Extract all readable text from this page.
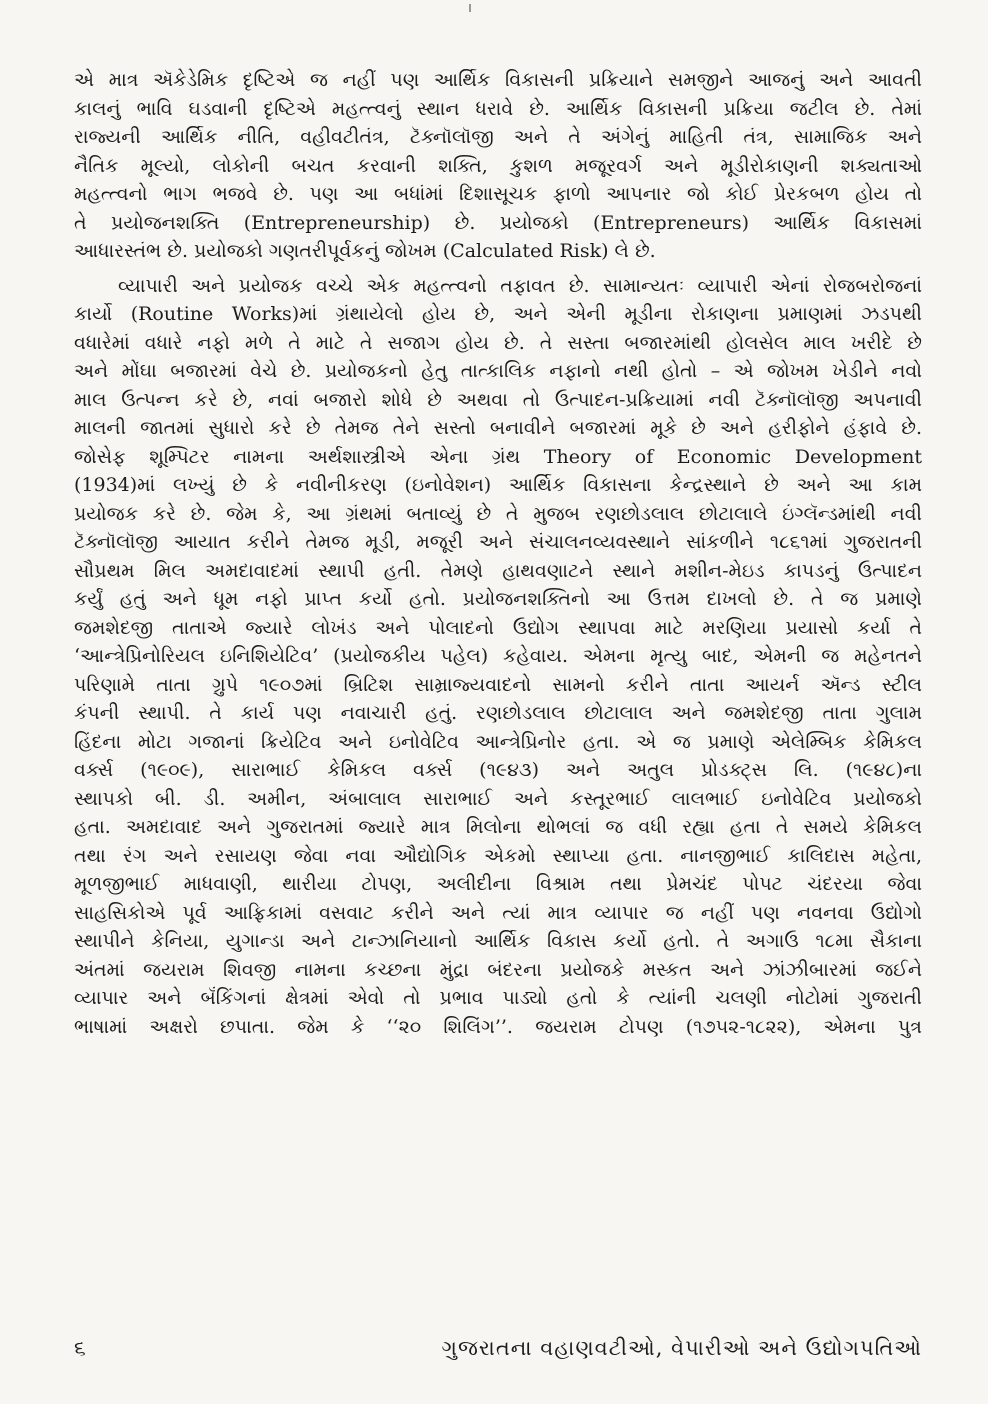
એ માત્ર ઍકેડેમિક દૃષ્ટિએ જ નહીં પણ આર્થિક વિકાસની પ્રક્રિયાને સમજીને આજનું અને આવતી
કાલનું ભાવિ ઘડવાની દૃષ્ટિએ મહત્ત્વનું સ્થાન ધરાવે છે. આર્થિક વિકાસની પ્રક્રિયા જટીલ છે. તેમાં
રાજ્યની આર્થિક નીતિ, વહીવટીતંત્ર, ટૅક્નૉલૉજી અને તે અંગેનું માહિતી તંત્ર, સામાજિક અને
નૈતિક મૂલ્યો, લોકોની બચત કરવાની શક્તિ, કુશળ મજૂરવર્ગ અને મૂડીરોકાણની શક્યતાઓ
મહત્ત્વનો ભાગ ભજવે છે. પણ આ બધાંમાં દિશાસૂચક ફાળો આપનાર જો કોઈ પ્રેરકબળ હોય તો
તે પ્રયોજનશક્તિ (Entrepreneurship) છે. પ્રયોજકો (Entrepreneurs) આર્થિક વિકાસમાં
આધારસ્તંભ છે. પ્રયોજકો ગણતરીપૂર્વકનું જોખમ (Calculated Risk) લે છે.
વ્યાપારી અને પ્રયોજક વચ્ચે એક મહત્ત્વનો તફાવત છે. સામાન્યતઃ વ્યાપારી એનાં રોજબરોજનાં
કાર્યો (Routine Works)માં ગ્રંથાયેલો હોય છે, અને એની મૂડીના રોકાણના પ્રમાણમાં ઝડપથી
વધારેમાં વધારે નફો મળે તે માટે તે સજાગ હોય છે. તે સસ્તા બજારમાંથી હોલસેલ માલ ખરીદે છે
અને મોંઘા બજારમાં વેચે છે. પ્રયોજકનો હેતુ તાત્કાલિક નફાનો નથી હોતો – એ જોખમ ખેડીને નવો
માલ ઉત્પન્ન કરે છે, નવાં બજારો શોધે છે અથવા તો ઉત્પાદન-પ્રક્રિયામાં નવી ટૅક્નૉલૉજી અપનાવી
માલની જાતમાં સુધારો કરે છે તેમજ તેને સસ્તો બનાવીને બજારમાં મૂકે છે અને હરીફોને હંફાવે છે.
જોસેફ શૂમ્પિટર નામના અર્થશાસ્ત્રીએ એના ગ્રંથ Theory of Economic Development
(1934)માં લખ્યું છે કે નવીનીકરણ (ઇનોવેશન) આર્થિક વિકાસના કેન્દ્રસ્થાને છે અને આ કામ
પ્રયોજક કરે છે. જેમ કે, આ ગ્રંથમાં બતાવ્યું છે તે મુજબ રણછોડલાલ છોટાલાલે ઇંગ્લૅન્ડમાંથી નવી
ટૅક્નૉલૉજી આયાત કરીને તેમજ મૂડી, મજૂરી અને સંચાલનવ્યવસ્થાને સાંકળીને ૧૮૬૧માં ગુજરાતની
સૌપ્રથમ મિલ અમદાવાદમાં સ્થાપી હતી. તેમણે હાથવણાટને સ્થાને મશીન-મેઇડ કાપડનું ઉત્પાદન
કર્યું હતું અને ધૂમ નફો પ્રાપ્ત કર્યો હતો. પ્રયોજનશક્તિનો આ ઉત્તમ દાખલો છે. તે જ પ્રમાણે
જમશેદજી તાતાએ જ્યારે લોખંડ અને પોલાદનો ઉદ્યોગ સ્થાપવા માટે મરણિયા પ્રયાસો કર્યા તે
‘આન્ત્રેપ્રિનોરિયલ ઇનિશિયેટિવ’ (પ્રયોજકીય પહેલ) કહેવાય. એમના મૃત્યુ બાદ, એમની જ મહેનતને
પરિણામે તાતા ગ્રુપે ૧૯૦૭માં બ્રિટિશ સામ્રાજ્યવાદનો સામનો કરીને તાતા આયર્ન ઍન્ડ સ્ટીલ
કંપની સ્થાપી. તે કાર્ય પણ નવાચારી હતું. રણછોડલાલ છોટાલાલ અને જમશેદજી તાતા ગુલામ
હિંદના મોટા ગજાનાં ક્રિયેટિવ અને ઇનોવેટિવ આન્ત્રેપ્રિનોર હતા. એ જ પ્રમાણે એલેમ્બિક કેમિકલ
વર્ક્સ (૧૯૦૯), સારાભાઈ કેમિકલ વર્ક્સ (૧૯૪૩) અને અતુલ પ્રોડક્ટ્સ લિ. (૧૯૪૮)ના
સ્થાપકો બી. ડી. અમીન, અંબાલાલ સારાભાઈ અને કસ્તૂરભાઈ લાલભાઈ ઇનોવેટિવ પ્રયોજકો
હતા. અમદાવાદ અને ગુજરાતમાં જ્યારે માત્ર મિલોના થોભલાં જ વધી રહ્યા હતા તે સમયે કેમિકલ
તથા રંગ અને રસાયણ જેવા નવા ઔદ્યોગિક એકમો સ્થાપ્યા હતા. નાનજીભાઈ કાલિદાસ મહેતા,
મૂળજીભાઈ માધવાણી, થારીયા ટોપણ, અલીદીના વિશ્રામ તથા પ્રેમચંદ પોપટ ચંદરયા જેવા
સાહસિકોએ પૂર્વ આફ્રિકામાં વસવાટ કરીને અને ત્યાં માત્ર વ્યાપાર જ નહીં પણ નવનવા ઉદ્યોગો
સ્થાપીને કેનિયા, યુગાન્ડા અને ટાન્ઝાનિયાનો આર્થિક વિકાસ કર્યો હતો. તે અગાઉ ૧૮મા સૈકાના
અંતમાં જયરામ શિવજી નામના કચ્છના મુંદ્રા બંદરના પ્રયોજકે મસ્કત અને ઝાંઝીબારમાં જઈને
વ્યાપાર અને બૅંકિંગનાં ક્ષેત્રમાં એવો તો પ્રભાવ પાડ્યો હતો કે ત્યાંની ચલણી નોટોમાં ગુજરાતી
ભાષામાં અક્ષરો છપાતા. જેમ કે ‘‘૨૦ શિલિંગ’’. જયરામ ટોપણ (૧૭૫૨-૧૮૨૨), એમના પુત્ર
૬	ગુજરાતના વહાણવટીઓ, વેપારીઓ અને ઉદ્યોગપતિઓ
